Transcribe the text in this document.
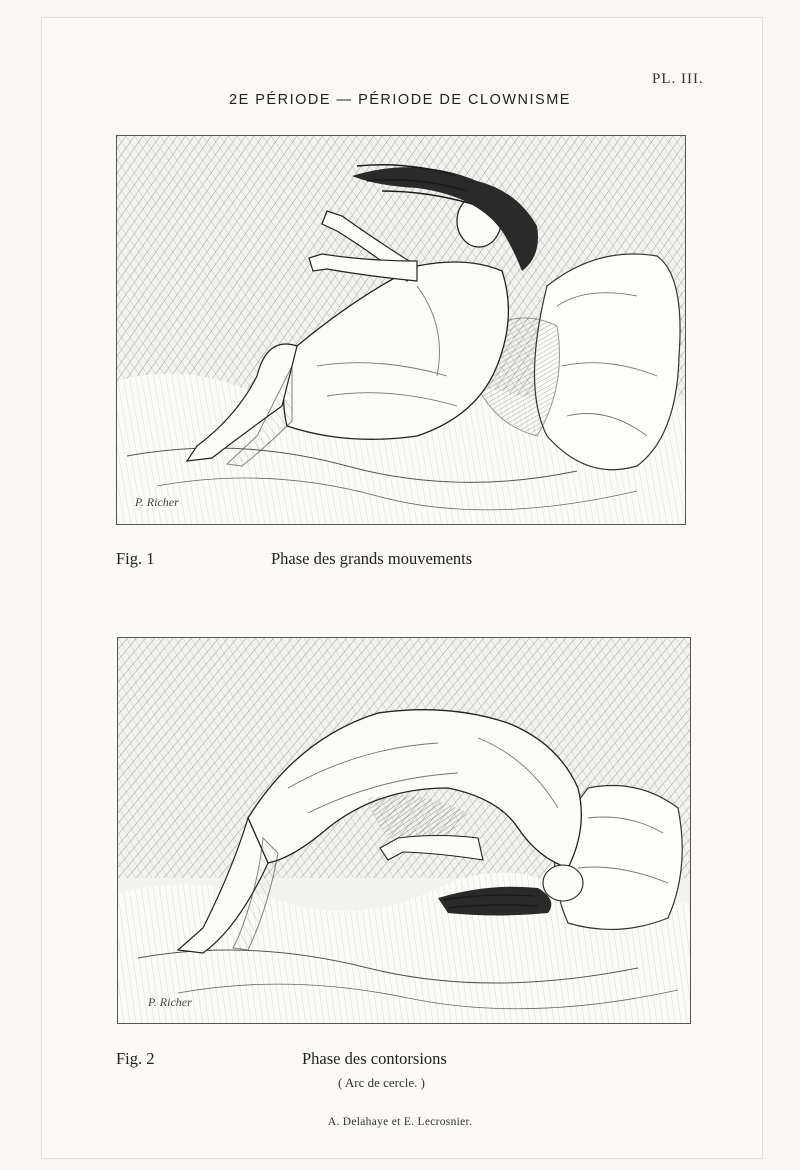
PL. III.
2E PÉRIODE — PÉRIODE DE CLOWNISME
P. Richer
Fig. 1	Phase des grands mouvements
P. Richer
Fig. 2	Phase des contorsions
( Arc de cercle. )
A. Delahaye et E. Lecrosnier.
